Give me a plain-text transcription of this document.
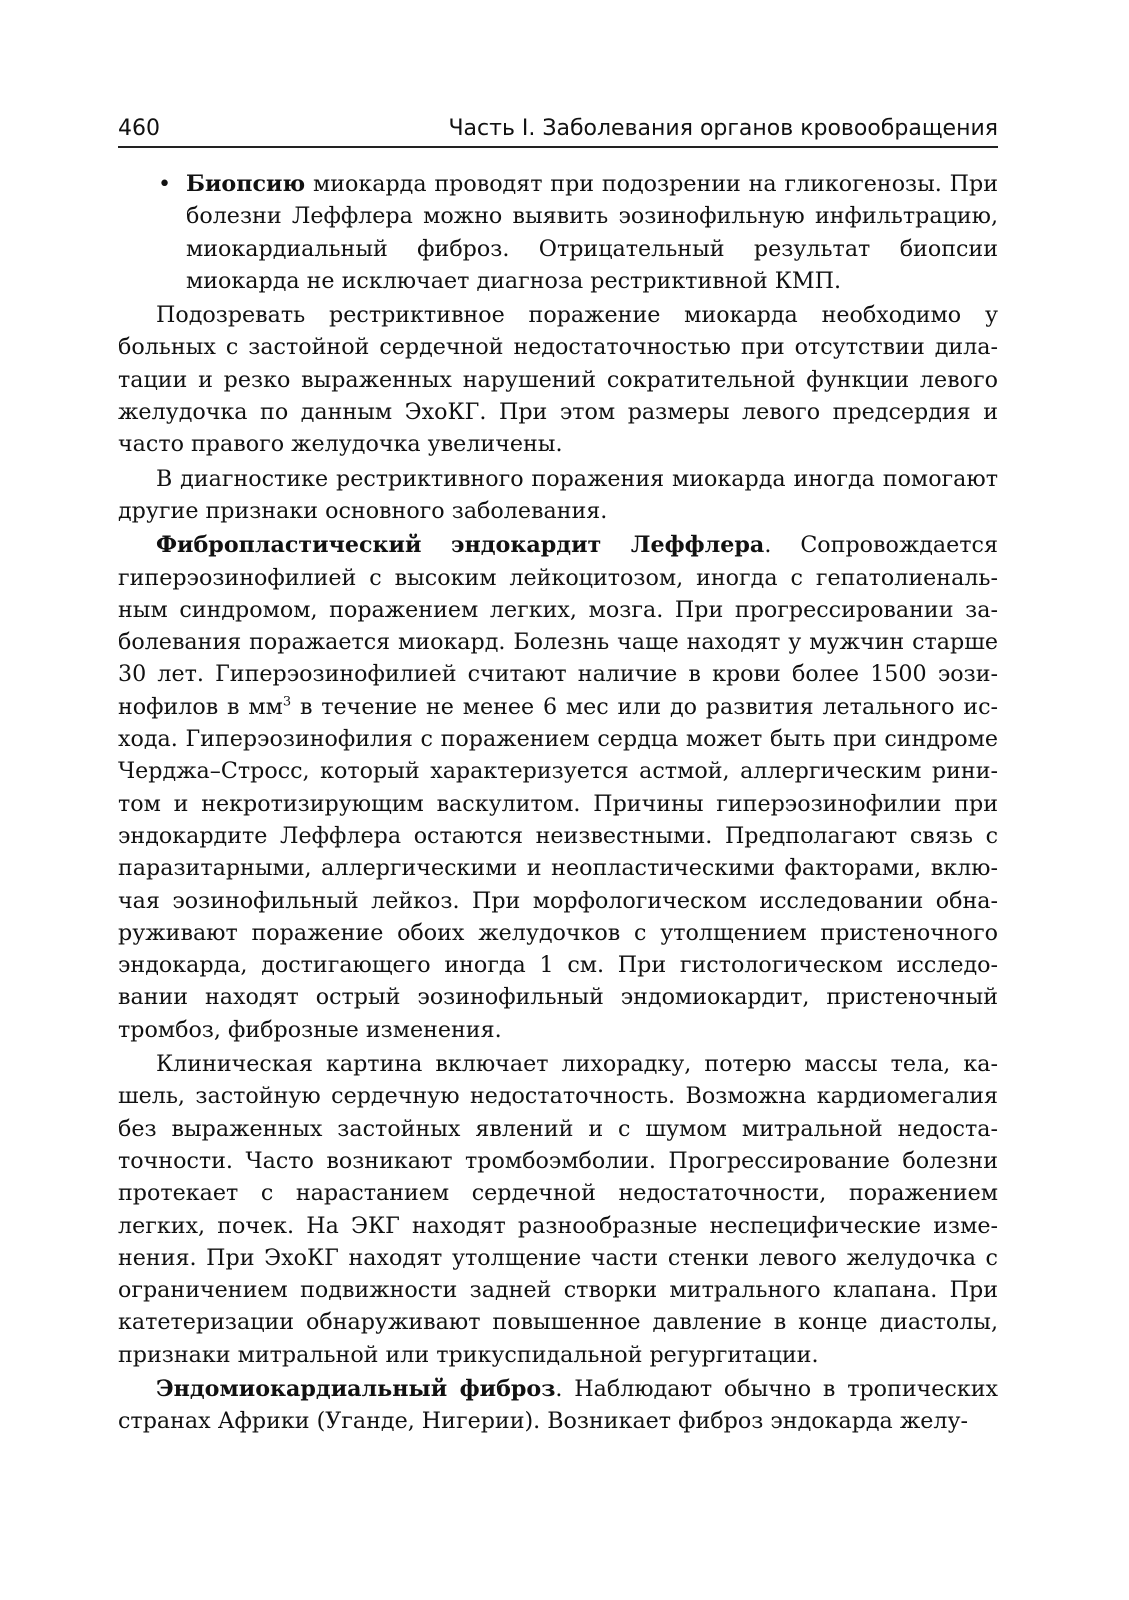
460	Часть I. Заболевания органов кровообращения
• Биопсию миокарда проводят при подозрении на гликогенозы. При болезни Леффлера можно выявить эозинофильную инфильтрацию, миокардиальный фиброз. Отрицательный результат биопсии миокарда не исключает диагноза рестриктивной КМП.

Подозревать рестриктивное поражение миокарда необходимо у больных с застойной сердечной недостаточностью при отсутствии дилатации и резко выраженных нарушений сократительной функции левого желудочка по данным ЭхоКГ. При этом размеры левого предсердия и часто правого желудочка увеличены.

В диагностике рестриктивного поражения миокарда иногда помогают другие признаки основного заболевания.

Фибропластический эндокардит Леффлера. Сопровождается гиперэозинофилией с высоким лейкоцитозом, иногда с гепатолиенальным синдромом, поражением легких, мозга. При прогрессировании заболевания поражается миокард. Болезнь чаще находят у мужчин старше 30 лет. Гиперэозинофилией считают наличие в крови более 1500 эозинофилов в $мм^3$ в течение не менее 6 мес или до развития летального исхода. Гиперэозинофилия с поражением сердца может быть при синдроме Черджа–Стросс, который характеризуется астмой, аллергическим ринитом и некротизирующим васкулитом. Причины гиперэозинофилии при эндокардите Леффлера остаются неизвестными. Предполагают связь с паразитарными, аллергическими и неопластическими факторами, включая эозинофильный лейкоз. При морфологическом исследовании обнаруживают поражение обоих желудочков с утолщением пристеночного эндокарда, достигающего иногда 1 см. При гистологическом исследовании находят острый эозинофильный эндомиокардит, пристеночный тромбоз, фиброзные изменения.

Клиническая картина включает лихорадку, потерю массы тела, кашель, застойную сердечную недостаточность. Возможна кардиомегалия без выраженных застойных явлений и с шумом митральной недостаточности. Часто возникают тромбоэмболии. Прогрессирование болезни протекает с нарастанием сердечной недостаточности, поражением легких, почек. На ЭКГ находят разнообразные неспецифические изменения. При ЭхоКГ находят утолщение части стенки левого желудочка с ограничением подвижности задней створки митрального клапана. При катетеризации обнаруживают повышенное давление в конце диастолы, признаки митральной или трикуспидальной регургитации.

Эндомиокардиальный фиброз. Наблюдают обычно в тропических странах Африки (Уганде, Нигерии). Возникает фиброз эндокарда желу-
